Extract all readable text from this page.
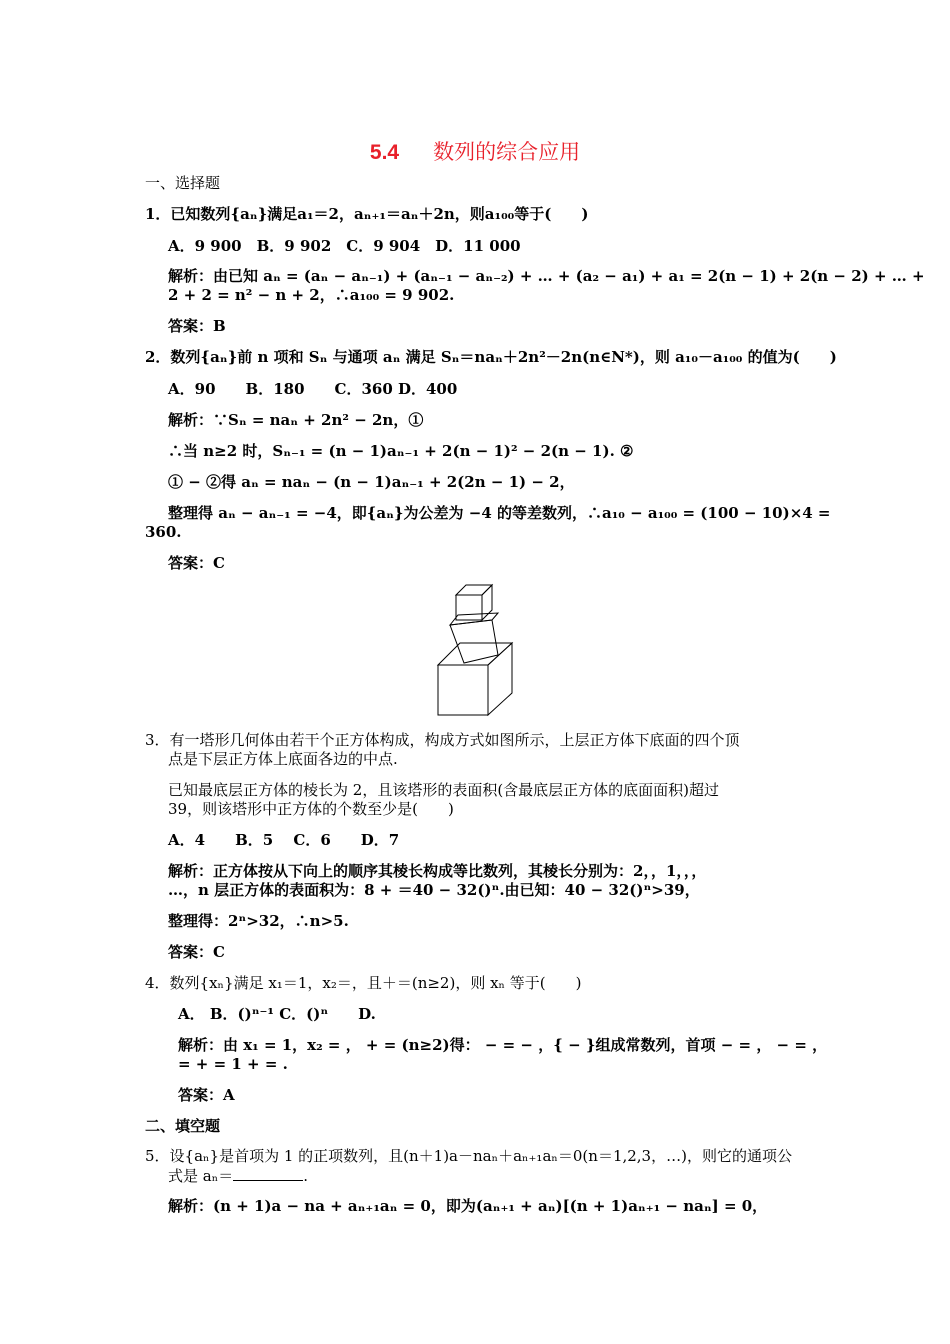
5.4 数列的综合应用
一、选择题
1．已知数列{aₙ}满足a₁＝2，aₙ₊₁＝aₙ＋2n，则a₁₀₀等于(　　)
A．9 900　B．9 902　C．9 904　D．11 000
解析：由已知 aₙ = (aₙ − aₙ₋₁) + (aₙ₋₁ − aₙ₋₂) + … + (a₂ − a₁) + a₁ = 2(n − 1) + 2(n − 2) + … +
2 + 2 = n² − n + 2，∴a₁₀₀ = 9 902.
答案：B
2．数列{aₙ}前 n 项和 Sₙ 与通项 aₙ 满足 Sₙ＝naₙ＋2n²－2n(n∈N*)，则 a₁₀－a₁₀₀ 的值为(　　)
A．90　　B．180　　C．360 D．400
解析：∵Sₙ = naₙ + 2n² − 2n，①
∴当 n≥2 时，Sₙ₋₁ = (n − 1)aₙ₋₁ + 2(n − 1)² − 2(n − 1). ②
① − ②得 aₙ = naₙ − (n − 1)aₙ₋₁ + 2(2n − 1) − 2，
整理得 aₙ − aₙ₋₁ = −4，即{aₙ}为公差为 −4 的等差数列，∴a₁₀ − a₁₀₀ = (100 − 10)×4 =
360.
答案：C
3．有一塔形几何体由若干个正方体构成，构成方式如图所示，上层正方体下底面的四个顶
点是下层正方体上底面各边的中点.
已知最底层正方体的棱长为 2，且该塔形的表面积(含最底层正方体的底面面积)超过
39，则该塔形中正方体的个数至少是(　　)
A．4　　B．5　 C．6　　D．7
解析：正方体按从下向上的顺序其棱长构成等比数列，其棱长分别为：2，，1，，，
…，n 层正方体的表面积为：8 + ＝40 − 32()ⁿ.由已知：40 − 32()ⁿ>39，
整理得：2ⁿ>32，∴n>5.
答案：C
4．数列{xₙ}满足 x₁＝1，x₂＝，且＋＝(n≥2)，则 xₙ 等于(　　)
A． B．()ⁿ⁻¹ C．()ⁿ　　D.
解析：由 x₁ = 1，x₂ = ， + = (n≥2)得： − = − ，{ − }组成常数列，首项 − = ， − = ，
= + = 1 + = .
答案：A
二、填空题
5．设{aₙ}是首项为 1 的正项数列，且(n＋1)a－naₙ＋aₙ₊₁aₙ＝0(n＝1,2,3，…)，则它的通项公
式是 aₙ＝	.
解析：(n + 1)a − na + aₙ₊₁aₙ = 0，即为(aₙ₊₁ + aₙ)[(n + 1)aₙ₊₁ − naₙ] = 0，
